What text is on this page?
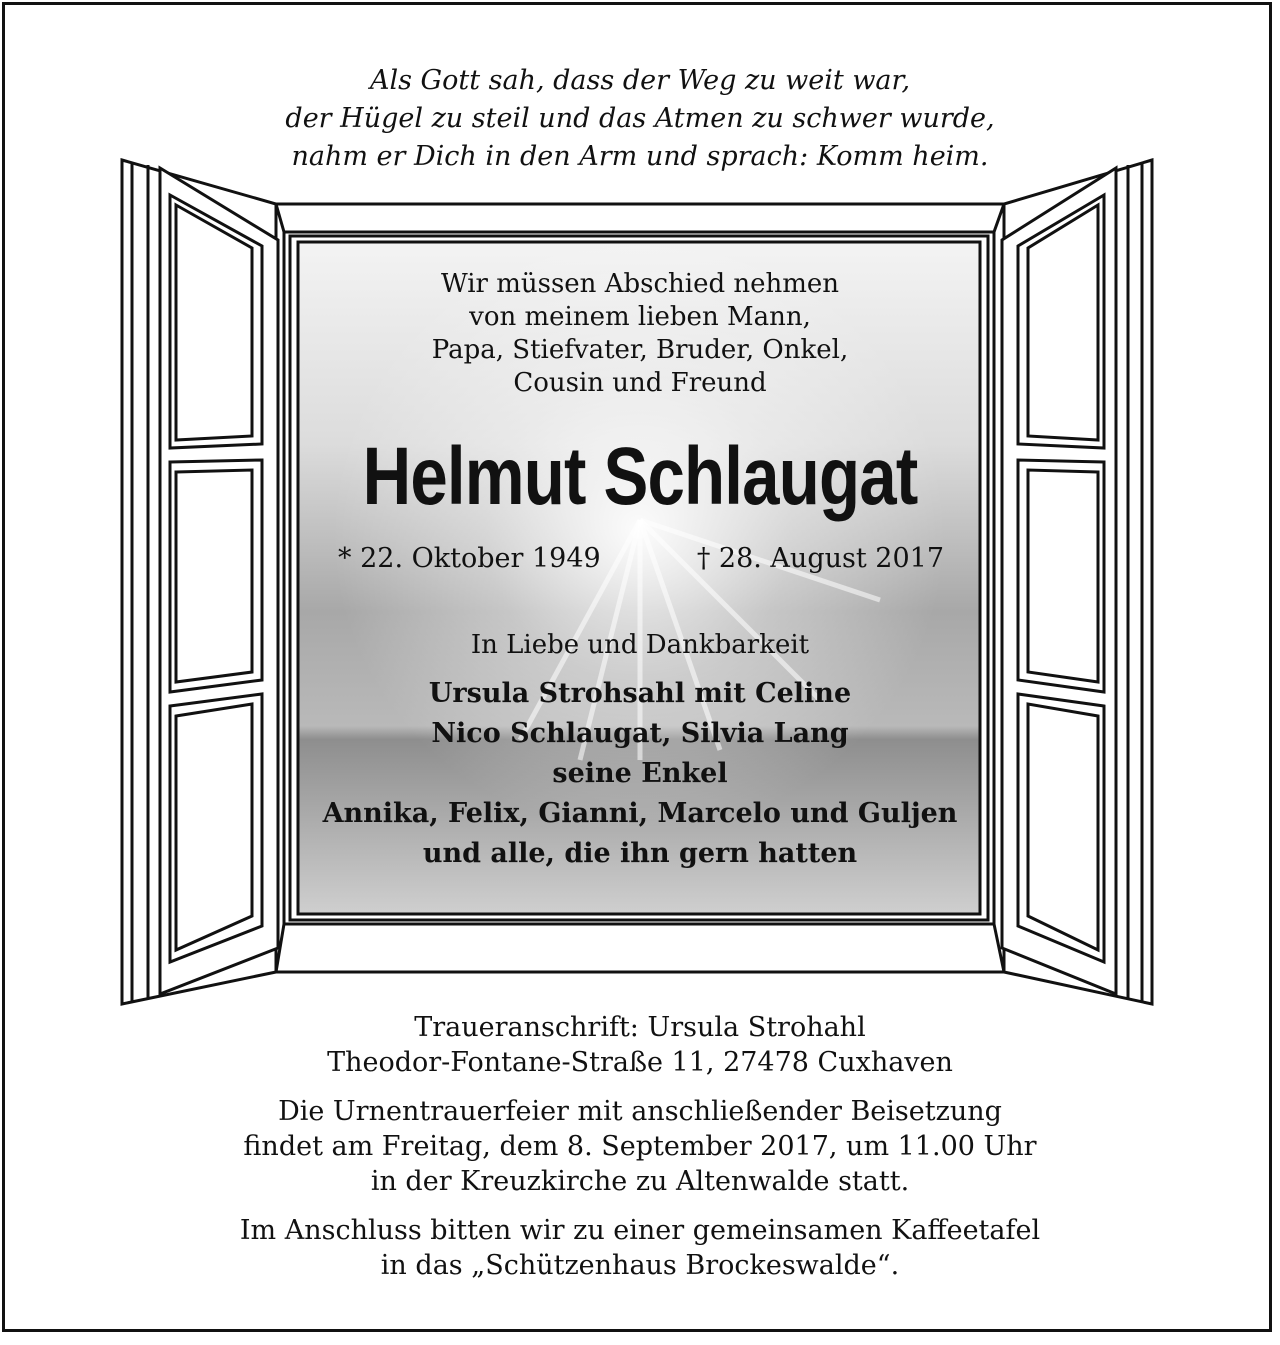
Als Gott sah, dass der Weg zu weit war,
der Hügel zu steil und das Atmen zu schwer wurde,
nahm er Dich in den Arm und sprach: Komm heim.
Wir müssen Abschied nehmen
von meinem lieben Mann,
Papa, Stiefvater, Bruder, Onkel,
Cousin und Freund
Helmut Schlaugat
* 22. Oktober 1949	† 28. August 2017
In Liebe und Dankbarkeit
Ursula Strohsahl mit Celine
Nico Schlaugat, Silvia Lang
seine Enkel
Annika, Felix, Gianni, Marcelo und Guljen
und alle, die ihn gern hatten
Traueranschrift: Ursula Strohahl
Theodor-Fontane-Straße 11, 27478 Cuxhaven
Die Urnentrauerfeier mit anschließender Beisetzung
findet am Freitag, dem 8. September 2017, um 11.00 Uhr
in der Kreuzkirche zu Altenwalde statt.
Im Anschluss bitten wir zu einer gemeinsamen Kaffeetafel
in das „Schützenhaus Brockeswalde“.
